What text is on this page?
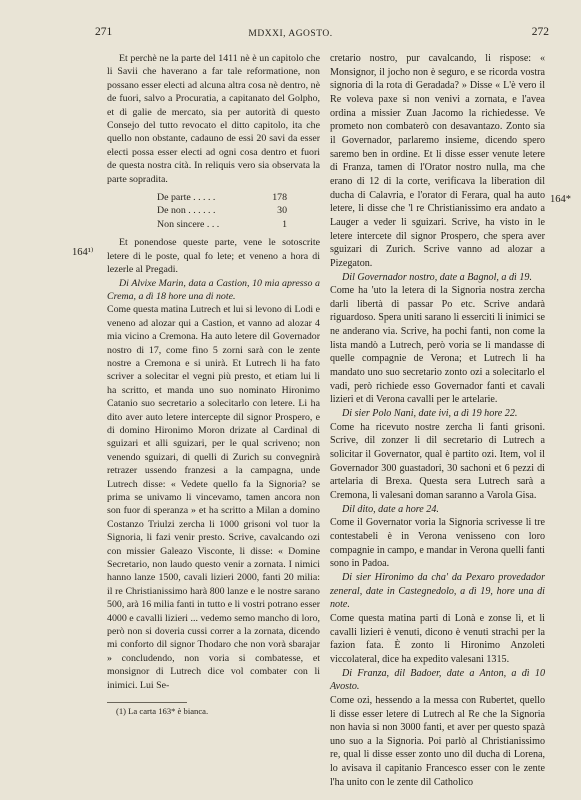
271	MDXXI, AGOSTO.	272
164¹⁾
164*

Et perchè ne la parte del 1411 nè è un capitolo che li Savii che haverano a far tale reformatione, non possano esser electi ad alcuna altra cosa nè dentro, nè de fuori, salvo a Procuratia, a capitanato del Golpho, et di galie de mercato, sia per autorità di questo Consejo del tutto revocato el ditto capitolo, ita che quello non obstante, cadauno de essi 20 savi da esser electi possa esser electi ad ogni cosa dentro et fuori de questa nostra cità. In reliquis vero sia observata la parte sopradita.

De parte . . . . .	178
De non . . . . . .	30
Non sincere . . .	1

Et ponendose queste parte, vene le sotoscrite letere di le poste, qual fo lete; et veneno a hora di lezerle al Pregadi.

Di Alvixe Marin, data a Castion, 10 mia apresso a Crema, a dì 18 hore una di note.

Come questa matina Lutrech et lui si levono di Lodi e veneno ad alozar qui a Castion, et vanno ad alozar 4 mia vicino a Cremona. Ha auto letere dil Governador nostro di 17, come fino 5 zorni sarà con le zente nostre a Cremona e si unirà. Et Lutrech li ha fato scriver a solecitar el vegni più presto, et etiam lui li ha scritto, et manda uno suo nominato Hironimo Catanio suo secretario a solecitarlo con letere. Li ha dito aver auto letere intercepte dil signor Prospero, e di domino Hironimo Moron drizate al Cardinal di sguizari et alli sguizari, per le qual scriveno; non venendo sguizari, di quelli di Zurich su convegnirà retrazer ussendo franzesi a la campagna, unde Lutrech disse: « Vedete quello fa la Signoria? se prima se univamo li vincevamo, tamen ancora non son fuor di speranza » et ha scritto a Milan a domino Costanzo Triulzi zercha li 1000 grisoni vol tuor la Signoria, li fazi venir presto. Scrive, cavalcando ozi con missier Galeazo Visconte, li disse: « Domine Secretario, non laudo questo venir a zornata. I nimici hanno lanze 1500, cavali lizieri 2000, fanti 20 milia: il re Christianissimo harà 800 lanze e le nostre sarano 500, arà 16 milia fanti in tutto e li vostri potrano esser 4000 e cavalli lizieri ... vedemo semo mancho di loro, però non si doveria cussi correr a la zornata, dicendo mi conforto dil signor Thodaro che non vorà sbarajar » concludendo, non voria si combatesse, et monsignor di Lutrech dice vol combater con li inimici. Lui Se-

cretario nostro, pur cavalcando, li rispose: « Monsignor, il jocho non è seguro, e se ricorda vostra signoria di la rota di Geradada? » Disse « L'è vero il Re voleva paxe si non venivi a zornata, e l'avea ordina a missier Zuan Jacomo la richiedesse. Ve prometo non combaterò con desavantazo. Zonto sia il Governador, parlaremo insieme, dicendo spero saremo ben in ordine. Et li disse esser venute letere di Franza, tamen di l'Orator nostro nulla, ma che erano di 12 di la corte, verificava la liberation dil ducha di Calavria, e l'orator di Ferara, qual ha auto letere, li disse che 'l re Christianissimo era andato a Lauger a veder li sguizari. Scrive, ha visto in le letere intercete dil signor Prospero, che spera aver sguizari di Zurich. Scrive vanno ad alozar a Pizegaton.

Dil Governador nostro, date a Bagnol, a dì 19.

Come ha 'uto la letera di la Signoria nostra zercha darli libertà di passar Po etc. Scrive andarà riguardoso. Spera uniti sarano li esserciti li inimici se ne anderano via. Scrive, ha pochi fanti, non come la lista mandò a Lutrech, però voria se li mandasse di quelle compagnie de Verona; et Lutrech li ha mandato uno suo secretario zonto ozi a solecitarlo el vadi, però richiede esso Governador fanti et cavali lizieri et di Verona cavalli per le artelarie.

Di sier Polo Nani, date ivi, a dì 19 hore 22.

Come ha ricevuto nostre zercha li fanti grisoni. Scrive, dil zonzer li dil secretario di Lutrech a solicitar il Governator, qual è partito ozi. Item, vol il Governador 300 guastadori, 30 sachoni et 6 pezzi di artelaria di Brexa. Questa sera Lutrech sarà a Cremona, li valesani doman saranno a Varola Gisa.

Dil dito, date a hore 24.

Come il Governator voria la Signoria scrivesse li tre contestabeli è in Verona venisseno con loro compagnie in campo, e mandar in Verona quelli fanti sono in Padoa.

Di sier Hironimo da cha' da Pexaro provedador zeneral, date in Castegnedolo, a dì 19, hore una di note.

Come questa matina parti di Lonà e zonse lì, et li cavalli lizieri è venuti, dicono è venuti strachi per la fazion fata. È zonto li Hironimo Anzoleti viccolateral, dice ha expedito valesani 1315.

Di Franza, dil Badoer, date a Anton, a dì 10 Avosto.

Come ozi, hessendo a la messa con Rubertet, quello li disse esser letere di Lutrech al Re che la Signoria non havia si non 3000 fanti, et aver per questo spazà uno suo a la Signoria. Poi parlò al Christianissimo re, qual li disse esser zonto uno dil ducha di Lorena, lo avisava il capitanio Francesco esser con le zente l'ha unito con le zente dil Catholico

(1) La carta 163* è bianca.
